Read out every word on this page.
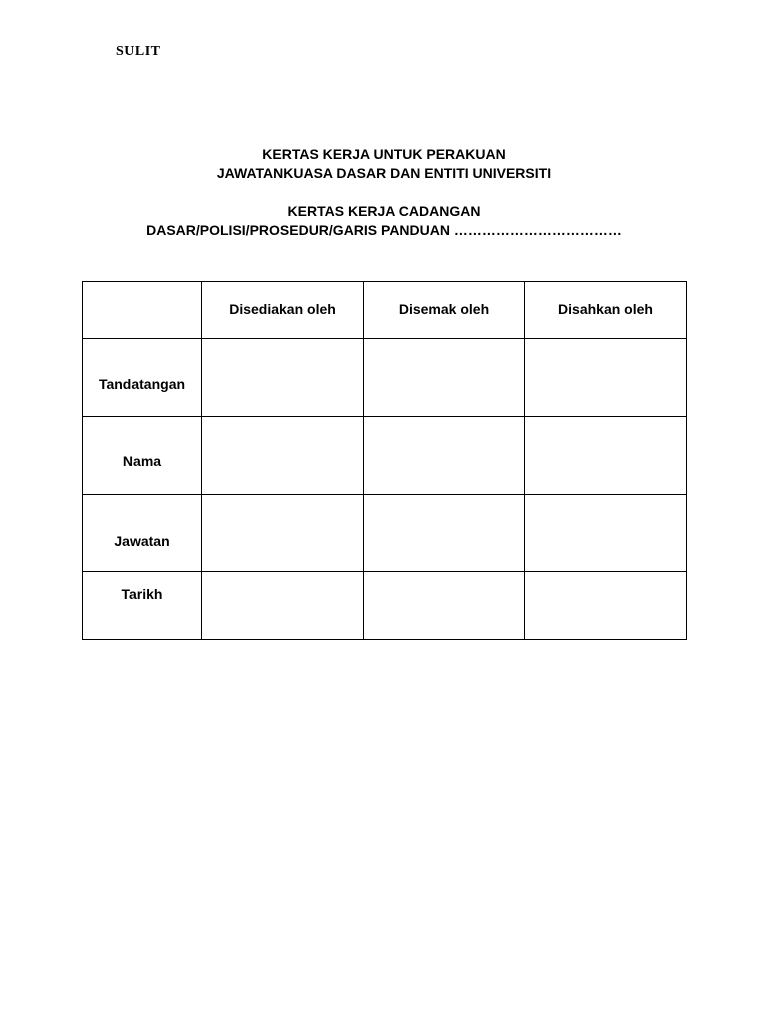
SULIT
KERTAS KERJA UNTUK PERAKUAN
JAWATANKUASA DASAR DAN ENTITI UNIVERSITI
KERTAS KERJA CADANGAN
DASAR/POLISI/PROSEDUR/GARIS PANDUAN ………………………………
	Disediakan oleh	Disemak oleh	Disahkan oleh
Tandatangan			
Nama			
Jawatan			
Tarikh			
